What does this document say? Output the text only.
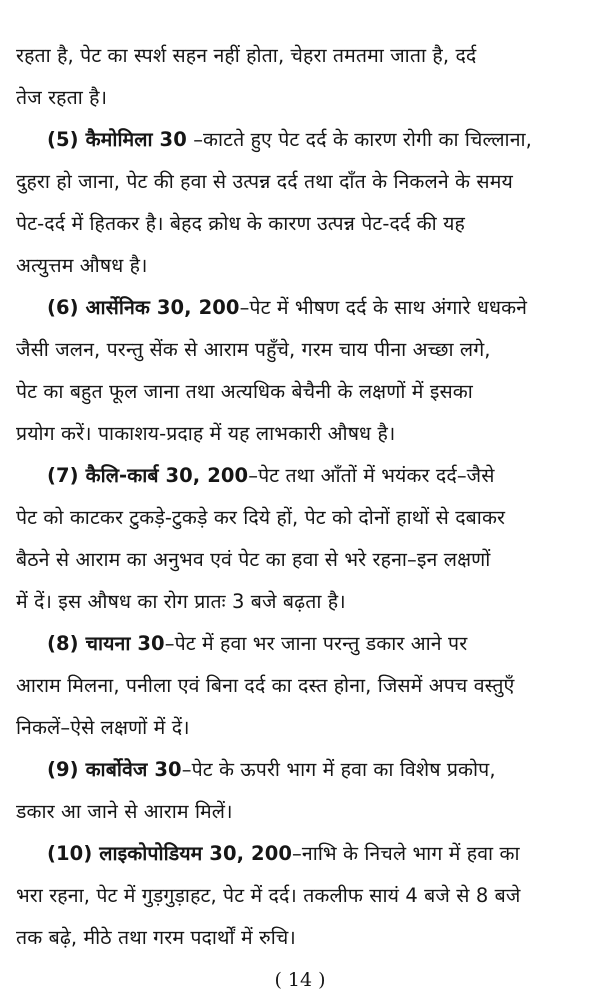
रहता है, पेट का स्पर्श सहन नहीं होता, चेहरा तमतमा जाता है, दर्द
तेज रहता है।
(5) कैमोमिला 30 –काटते हुए पेट दर्द के कारण रोगी का चिल्लाना,
दुहरा हो जाना, पेट की हवा से उत्पन्न दर्द तथा दाँत के निकलने के समय
पेट-दर्द में हितकर है। बेहद क्रोध के कारण उत्पन्न पेट-दर्द की यह
अत्युत्तम औषध है।
(6) आर्सेनिक 30, 200–पेट में भीषण दर्द के साथ अंगारे धधकने
जैसी जलन, परन्तु सेंक से आराम पहुँचे, गरम चाय पीना अच्छा लगे,
पेट का बहुत फूल जाना तथा अत्यधिक बेचैनी के लक्षणों में इसका
प्रयोग करें। पाकाशय-प्रदाह में यह लाभकारी औषध है।
(7) कैलि-कार्ब 30, 200–पेट तथा आँतों में भयंकर दर्द–जैसे
पेट को काटकर टुकड़े-टुकड़े कर दिये हों, पेट को दोनों हाथों से दबाकर
बैठने से आराम का अनुभव एवं पेट का हवा से भरे रहना–इन लक्षणों
में दें। इस औषध का रोग प्रातः 3 बजे बढ़ता है।
(8) चायना 30–पेट में हवा भर जाना परन्तु डकार आने पर
आराम मिलना, पनीला एवं बिना दर्द का दस्त होना, जिसमें अपच वस्तुएँ
निकलें–ऐसे लक्षणों में दें।
(9) कार्बोवेज 30–पेट के ऊपरी भाग में हवा का विशेष प्रकोप,
डकार आ जाने से आराम मिलें।
(10) लाइकोपोडियम 30, 200–नाभि के निचले भाग में हवा का
भरा रहना, पेट में गुड़गुड़ाहट, पेट में दर्द। तकलीफ सायं 4 बजे से 8 बजे
तक बढ़े, मीठे तथा गरम पदार्थों में रुचि।
( 14 )
